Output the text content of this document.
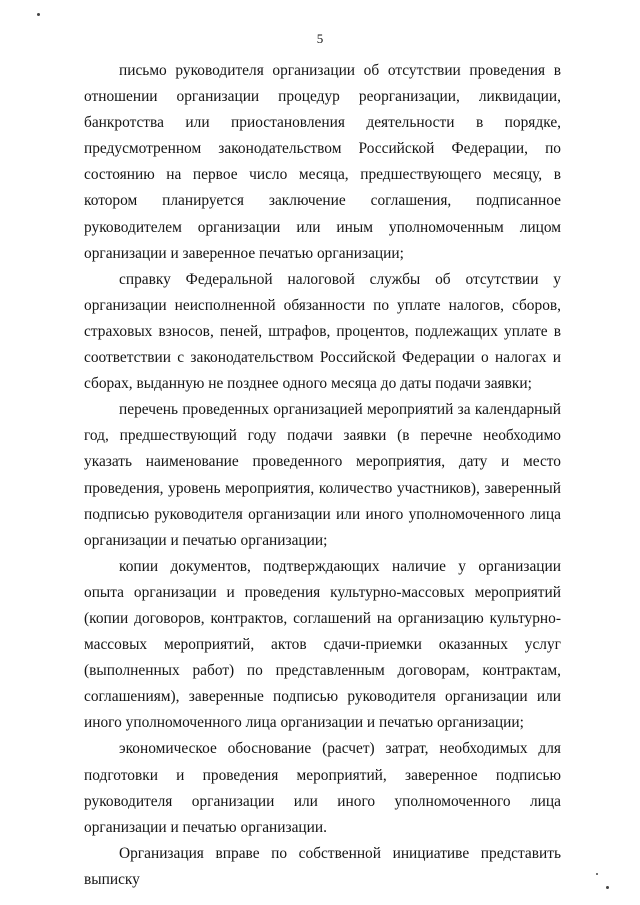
5

письмо руководителя организации об отсутствии проведения в отношении организации процедур реорганизации, ликвидации, банкротства или приостановления деятельности в порядке, предусмотренном законодательством Российской Федерации, по состоянию на первое число месяца, предшествующего месяцу, в котором планируется заключение соглашения, подписанное руководителем организации или иным уполномоченным лицом организации и заверенное печатью организации;

справку Федеральной налоговой службы об отсутствии у организации неисполненной обязанности по уплате налогов, сборов, страховых взносов, пеней, штрафов, процентов, подлежащих уплате в соответствии с законодательством Российской Федерации о налогах и сборах, выданную не позднее одного месяца до даты подачи заявки;

перечень проведенных организацией мероприятий за календарный год, предшествующий году подачи заявки (в перечне необходимо указать наименование проведенного мероприятия, дату и место проведения, уровень мероприятия, количество участников), заверенный подписью руководителя организации или иного уполномоченного лица организации и печатью организации;

копии документов, подтверждающих наличие у организации опыта организации и проведения культурно-массовых мероприятий (копии договоров, контрактов, соглашений на организацию культурно-массовых мероприятий, актов сдачи-приемки оказанных услуг (выполненных работ) по представленным договорам, контрактам, соглашениям), заверенные подписью руководителя организации или иного уполномоченного лица организации и печатью организации;

экономическое обоснование (расчет) затрат, необходимых для подготовки и проведения мероприятий, заверенное подписью руководителя организации или иного уполномоченного лица организации и печатью организации.

Организация вправе по собственной инициативе представить выписку
